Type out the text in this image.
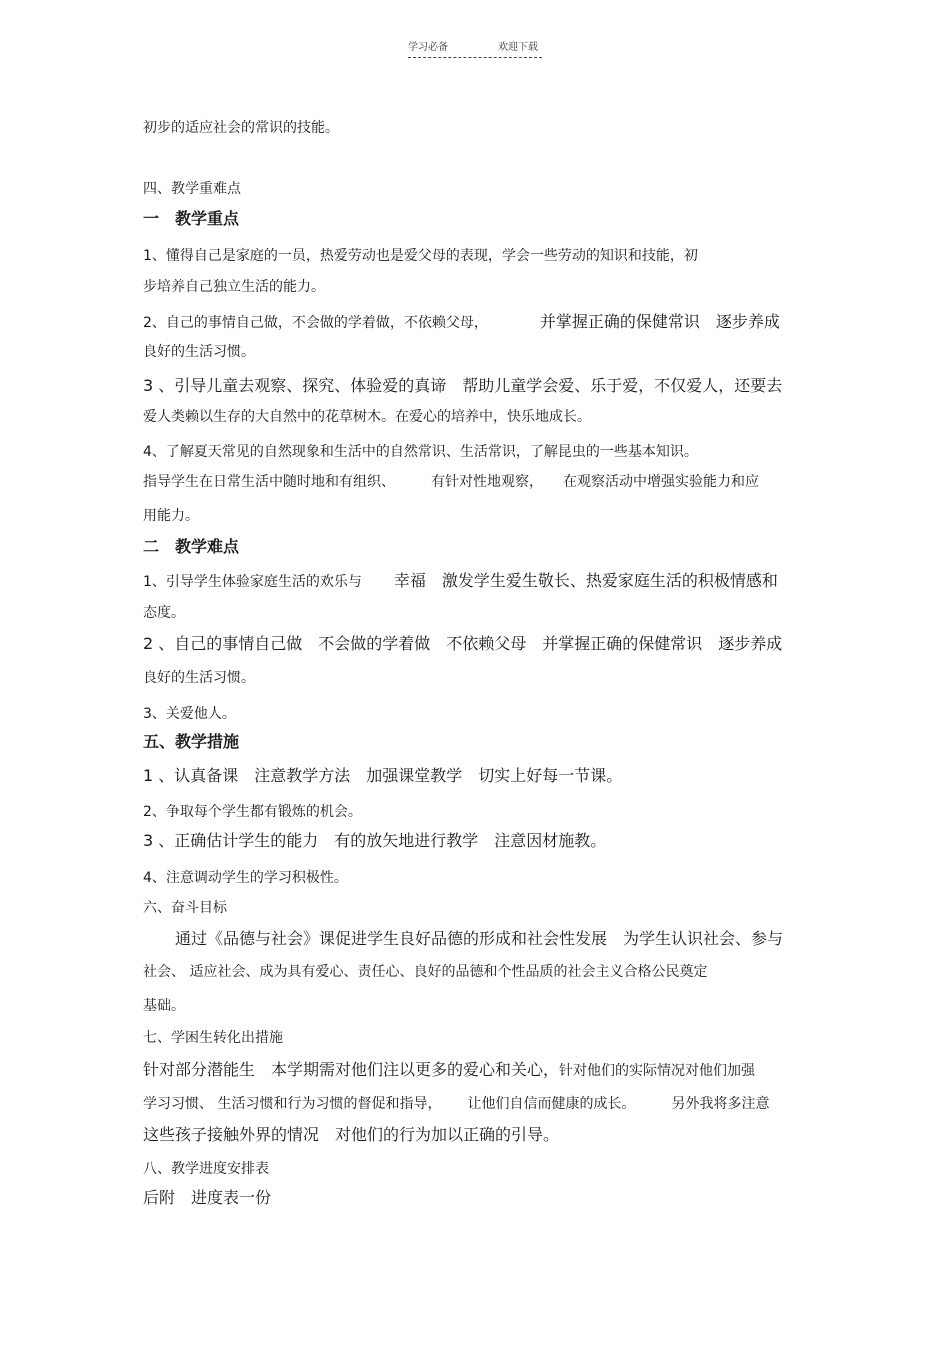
学习必备	欢迎下载
初步的适应社会的常识的技能。
四、教学重难点
一　教学重点
1、懂得自己是家庭的一员，热爱劳动也是爱父母的表现，学会一些劳动的知识和技能，初
步培养自己独立生活的能力。
2、自己的事情自己做，不会做的学着做，不依赖父母，	并掌握正确的保健常识　逐步养成
良好的生活习惯。
3 、引导儿童去观察、探究、体验爱的真谛　帮助儿童学会爱、乐于爱，不仅爱人，还要去
爱人类赖以生存的大自然中的花草树木。在爱心的培养中，快乐地成长。
4、了解夏天常见的自然现象和生活中的自然常识、生活常识，了解昆虫的一些基本知识。
指导学生在日常生活中随时地和有组织、	有针对性地观察， 在观察活动中增强实验能力和应
用能力。
二　教学难点
1、引导学生体验家庭生活的欢乐与 幸福　激发学生爱生敬长、热爱家庭生活的积极情感和
态度。
2 、自己的事情自己做　不会做的学着做　不依赖父母　并掌握正确的保健常识　逐步养成
良好的生活习惯。
3、关爱他人。
五、教学措施
1 、认真备课　注意教学方法　加强课堂教学　切实上好每一节课。
2、争取每个学生都有锻炼的机会。
3 、正确估计学生的能力　有的放矢地进行教学　注意因材施教。
4、注意调动学生的学习积极性。
六、奋斗目标
通过《品德与社会》课促进学生良好品德的形成和社会性发展　为学生认识社会、参与
社会、 适应社会、成为具有爱心、责任心、良好的品德和个性品质的社会主义合格公民奠定
基础。
七、学困生转化出措施
针对部分潜能生　本学期需对他们注以更多的爱心和关心，针对他们的实际情况对他们加强
学习习惯、 生活习惯和行为习惯的督促和指导， 让他们自信而健康的成长。	另外我将多注意
这些孩子接触外界的情况　对他们的行为加以正确的引导。
八、教学进度安排表
后附　进度表一份
